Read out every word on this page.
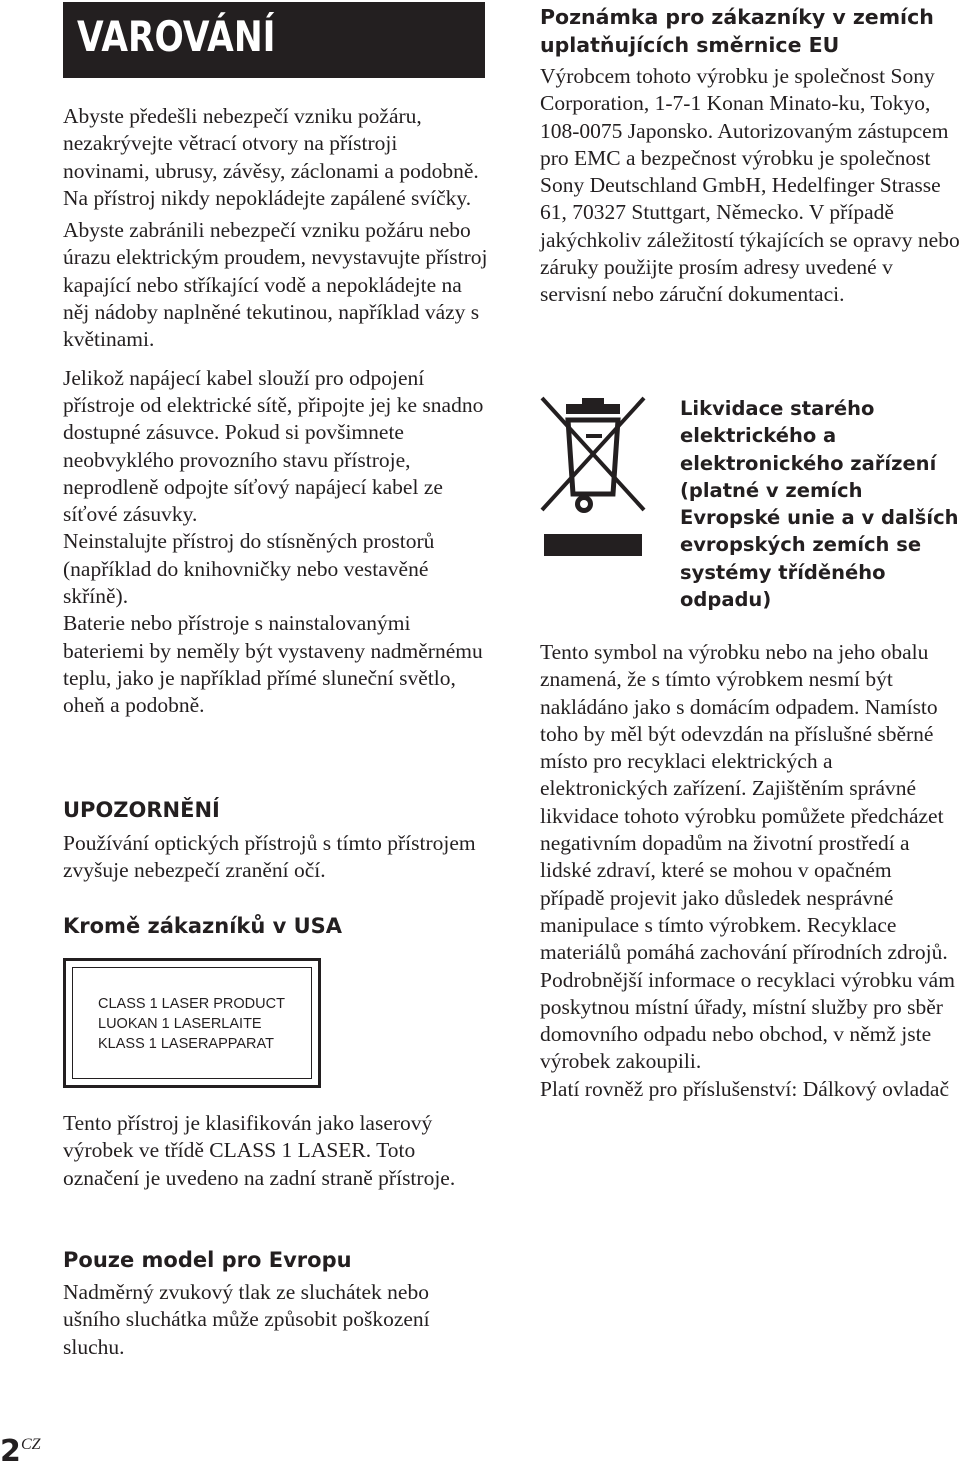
VAROVÁNÍ

Abyste předešli nebezpečí vzniku požáru, nezakrývejte větrací otvory na přístroji novinami, ubrusy, závěsy, záclonami a podobně. Na přístroj nikdy nepokládejte zapálené svíčky.

Abyste zabránili nebezpečí vzniku požáru nebo úrazu elektrickým proudem, nevystavujte přístroj kapající nebo stříkající vodě a nepokládejte na něj nádoby naplněné tekutinou, například vázy s květinami.

Jelikož napájecí kabel slouží pro odpojení přístroje od elektrické sítě, připojte jej ke snadno dostupné zásuvce. Pokud si povšimnete neobvyklého provozního stavu přístroje, neprodleně odpojte síťový napájecí kabel ze síťové zásuvky.

Neinstalujte přístroj do stísněných prostorů (například do knihovničky nebo vestavěné skříně).

Baterie nebo přístroje s nainstalovanými bateriemi by neměly být vystaveny nadměrnému teplu, jako je například přímé sluneční světlo, oheň a podobně.

UPOZORNĚNÍ
Používání optických přístrojů s tímto přístrojem zvyšuje nebezpečí zranění očí.
Kromě zákazníků v USA
CLASS 1 LASER PRODUCT
LUOKAN 1 LASERLAITE
KLASS 1 LASERAPPARAT
Tento přístroj je klasifikován jako laserový výrobek ve třídě CLASS 1 LASER. Toto označení je uvedeno na zadní straně přístroje.
Pouze model pro Evropu
Nadměrný zvukový tlak ze sluchátek nebo ušního sluchátka může způsobit poškození sluchu.
Poznámka pro zákazníky v zemích uplatňujících směrnice EU
Výrobcem tohoto výrobku je společnost Sony Corporation, 1-7-1 Konan Minato-ku, Tokyo, 108-0075 Japonsko. Autorizovaným zástupcem pro EMC a bezpečnost výrobku je společnost Sony Deutschland GmbH, Hedelfinger Strasse 61, 70327 Stuttgart, Německo. V případě jakýchkoliv záležitostí týkajících se opravy nebo záruky použijte prosím adresy uvedené v servisní nebo záruční dokumentaci.
Likvidace starého elektrického a elektronického zařízení (platné v zemích Evropské unie a v dalších evropských zemích se systémy tříděného odpadu)

Tento symbol na výrobku nebo na jeho obalu znamená, že s tímto výrobkem nesmí být nakládáno jako s domácím odpadem. Namísto toho by měl být odevzdán na příslušné sběrné místo pro recyklaci elektrických a elektronických zařízení. Zajištěním správné likvidace tohoto výrobku pomůžete předcházet negativním dopadům na životní prostředí a lidské zdraví, které se mohou v opačném případě projevit jako důsledek nesprávné manipulace s tímto výrobkem. Recyklace materiálů pomáhá zachování přírodních zdrojů. Podrobnější informace o recyklaci výrobku vám poskytnou místní úřady, místní služby pro sběr domovního odpadu nebo obchod, v němž jste výrobek zakoupili.

Platí rovněž pro příslušenství: Dálkový ovladač

2 CZ
